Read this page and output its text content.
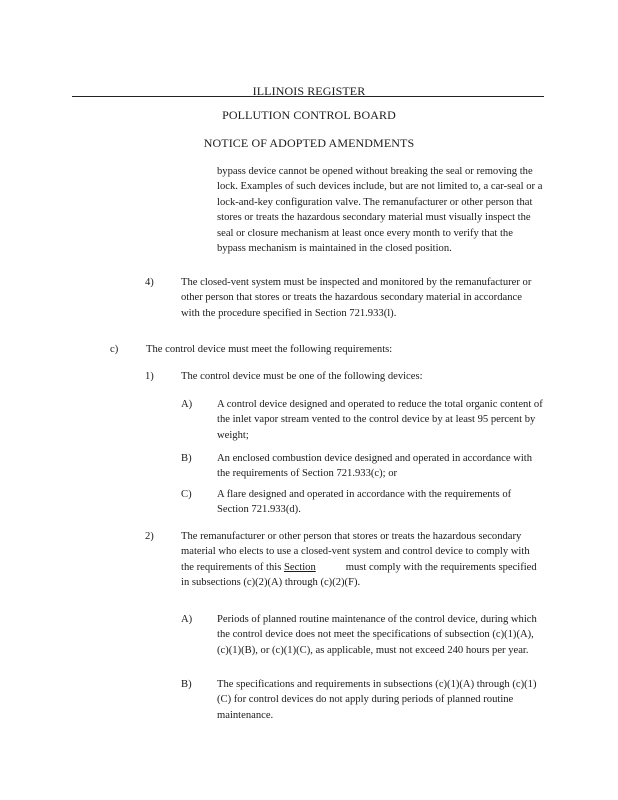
ILLINOIS REGISTER
POLLUTION CONTROL BOARD
NOTICE OF ADOPTED AMENDMENTS
bypass device cannot be opened without breaking the seal or removing the lock. Examples of such devices include, but are not limited to, a car-seal or a lock-and-key configuration valve. The remanufacturer or other person that stores or treats the hazardous secondary material must visually inspect the seal or closure mechanism at least once every month to verify that the bypass mechanism is maintained in the closed position.
4)	The closed-vent system must be inspected and monitored by the remanufacturer or other person that stores or treats the hazardous secondary material in accordance with the procedure specified in Section 721.933(l).
c)	The control device must meet the following requirements:
1)	The control device must be one of the following devices:
A) A control device designed and operated to reduce the total organic content of the inlet vapor stream vented to the control device by at least 95 percent by weight;
B) An enclosed combustion device designed and operated in accordance with the requirements of Section 721.933(c); or
C) A flare designed and operated in accordance with the requirements of Section 721.933(d).
2)	The remanufacturer or other person that stores or treats the hazardous secondary material who elects to use a closed-vent system and control device to comply with the requirements of this Section	must comply with the requirements specified in subsections (c)(2)(A) through (c)(2)(F).
A) Periods of planned routine maintenance of the control device, during which the control device does not meet the specifications of subsection (c)(1)(A), (c)(1)(B), or (c)(1)(C), as applicable, must not exceed 240 hours per year.
B) The specifications and requirements in subsections (c)(1)(A) through (c)(1)(C) for control devices do not apply during periods of planned routine maintenance.
